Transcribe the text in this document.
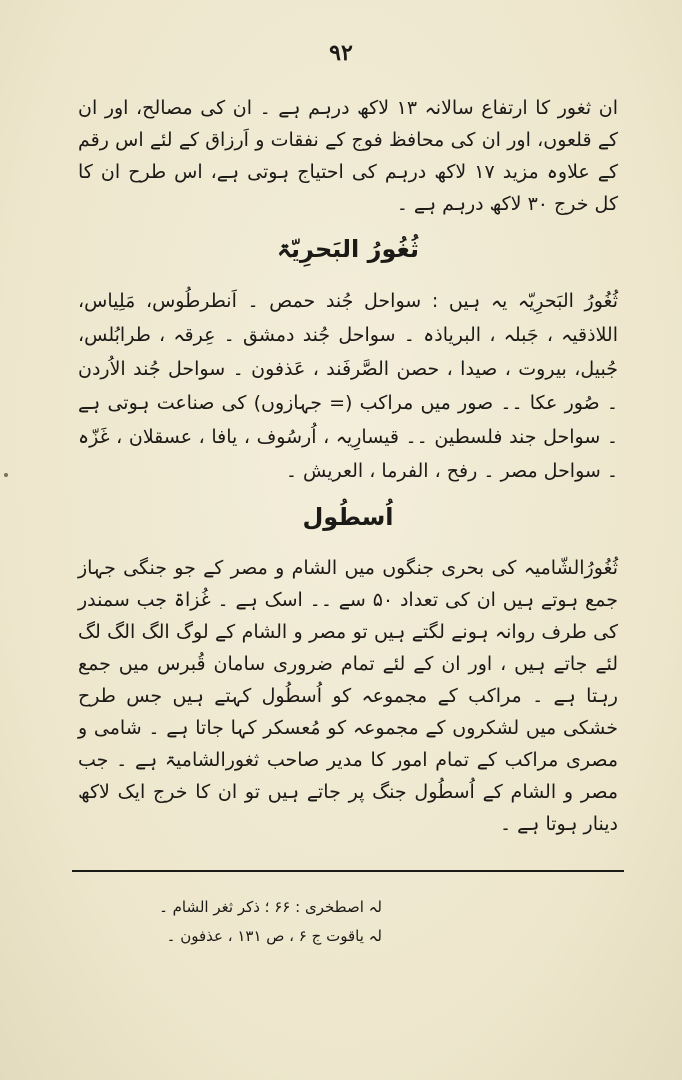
٩٢

ان ثغور کا ارتفاع سالانہ ۱۳ لاکھ درہم ہے ۔ ان کی مصالح، اور ان کے قلعوں، اور ان کی محافظ فوج کے نفقات و اَرزاق کے لئے اس رقم کے علاوہ مزید ۱۷ لاکھ درہم کی احتیاج ہوتی ہے، اس طرح ان کا کل خرج ۳۰ لاکھ درہم ہے ۔

ثُغُورُ البَحرِيّۃ

ثُغُورُ البَحرِیّہ یہ ہیں : سواحل جُند حمص ۔ اَنطرطُوس، مَلِیاس، اللاذقیہ ، جَبلہ ، البریاذہ ۔ سواحل جُند دمشق ۔ عِرقہ ، طرابُلس، جُبیل، بیروت ، صیدا ، حصن الصَّرفَند ، عَذفون ۔ سواحل جُند الاُردن ۔ صُور عکا ۔۔ صور میں مراکب (= جہازوں) کی صناعت ہوتی ہے ۔ سواحل جند فلسطین ۔۔ قیسارِیہ ، اُرسُوف ، یافا ، عسقلان ، غَزّہ ۔ سواحل مصر ۔ رفح ، الفرما ، العریش ۔

اُسطُول

ثُغُورُالشّامیہ کی بحری جنگوں میں الشام و مصر کے جو جنگی جہاز جمع ہوتے ہیں ان کی تعداد ۵۰ سے ۔۔ اسک ہے ۔ غُزاۃ جب سمندر کی طرف روانہ ہونے لگتے ہیں تو مصر و الشام کے لوگ الگ الگ لگ لئے جاتے ہیں ، اور ان کے لئے تمام ضروری سامان قُبرس میں جمع رہتا ہے ۔ مراکب کے مجموعہ کو اُسطُول کہتے ہیں جس طرح خشکی میں لشکروں کے مجموعہ کو مُعسکر کہا جاتا ہے ۔ شامی و مصری مراکب کے تمام امور کا مدیر صاحب ثغورالشامیۃ ہے ۔ جب مصر و الشام کے اُسطُول جنگ پر جاتے ہیں تو ان کا خرج ایک لاکھ دینار ہوتا ہے ۔

لہ اصطخری : ۶۶ ؛ ذکر ثغر الشام ۔
لہ یاقوت ج ۶ ، ص ۱۳۱ ، عذفون ۔
